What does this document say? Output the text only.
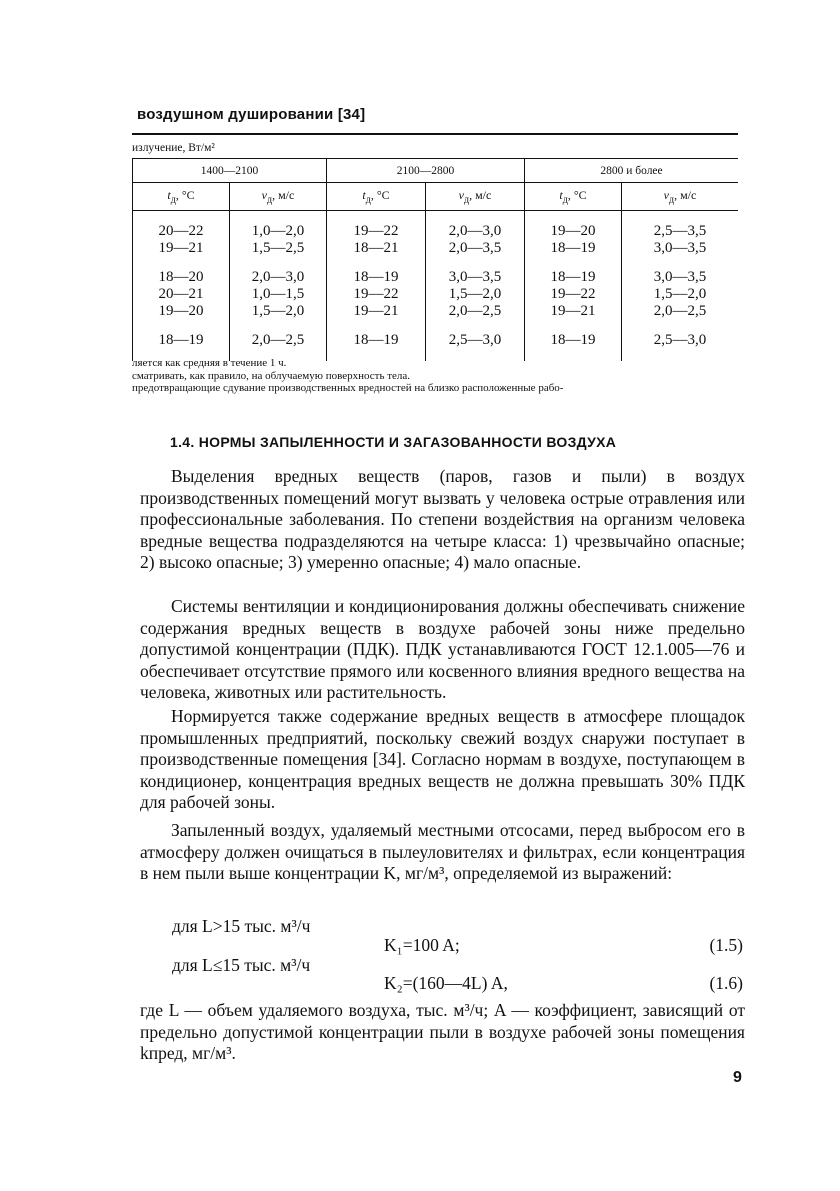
воздушном душировании [34]
излучение, Вт/м²
1400—2100		2100—2800		2800 и более	
$t_д$, °С	$v_д$, м/с	$t_д$, °С	$v_д$, м/с	$t_д$, °С	$v_д$, м/с

20—22	1,0—2,0	19—22	2,0—3,0	19—20	2,5—3,5
19—21	1,5—2,5	18—21	2,0—3,5	18—19	3,0—3,5

18—20	2,0—3,0	18—19	3,0—3,5	18—19	3,0—3,5
20—21	1,0—1,5	19—22	1,5—2,0	19—22	1,5—2,0
19—20	1,5—2,0	19—21	2,0—2,5	19—21	2,0—2,5

18—19	2,0—2,5	18—19	2,5—3,0	18—19	2,5—3,0

ляется как средняя в течение 1 ч.
сматривать, как правило, на облучаемую поверхность тела.
предотвращающие сдувание производственных вредностей на близко расположенные рабо-
1.4. НОРМЫ ЗАПЫЛЕННОСТИ И ЗАГАЗОВАННОСТИ ВОЗДУХА
Выделения вредных веществ (паров, газов и пыли) в воздух производственных помещений могут вызвать у человека острые отравления или профессиональные заболевания. По степени воздействия на организм человека вредные вещества подразделяются на четыре класса: 1) чрезвычайно опасные; 2) высоко опасные; 3) умеренно опасные; 4) мало опасные.
Системы вентиляции и кондиционирования должны обеспечивать снижение содержания вредных веществ в воздухе рабочей зоны ниже предельно допустимой концентрации (ПДК). ПДК устанавливаются ГОСТ 12.1.005—76 и обеспечивает отсутствие прямого или косвенного влияния вредного вещества на человека, животных или растительность.
Нормируется также содержание вредных веществ в атмосфере площадок промышленных предприятий, поскольку свежий воздух снаружи поступает в производственные помещения [34]. Согласно нормам в воздухе, поступающем в кондиционер, концентрация вредных веществ не должна превышать 30% ПДК для рабочей зоны.
Запыленный воздух, удаляемый местными отсосами, перед выбросом его в атмосферу должен очищаться в пылеуловителях и фильтрах, если концентрация в нем пыли выше концентрации K, мг/м³, определяемой из выражений:
для L>15 тыс. м³/ч
K₁=100 A;	(1.5)
для L≤15 тыс. м³/ч
K₂=(160—4L) A,	(1.6)
где L — объем удаляемого воздуха, тыс. м³/ч; A — коэффициент, зависящий от предельно допустимой концентрации пыли в воздухе рабочей зоны помещения kпред, мг/м³.
9
